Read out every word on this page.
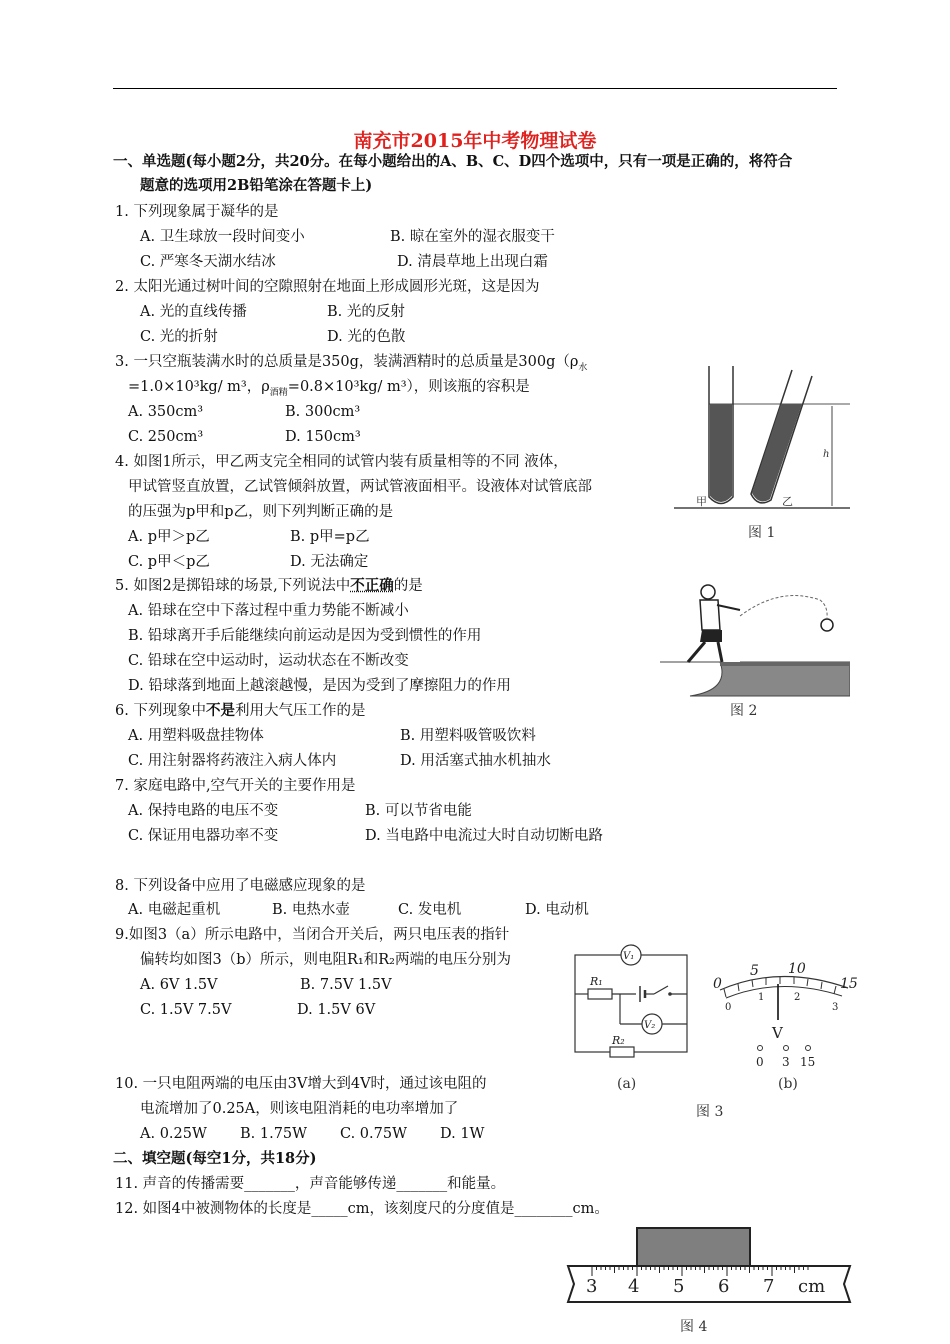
南充市2015年中考物理试卷
一、单选题(每小题2分，共20分。在每小题给出的A、B、C、D四个选项中，只有一项是正确的，将符合
题意的选项用2B铅笔涂在答题卡上)
1. 下列现象属于凝华的是
A. 卫生球放一段时间变小	B. 晾在室外的湿衣服变干
C. 严寒冬天湖水结冰	D. 清晨草地上出现白霜
2. 太阳光通过树叶间的空隙照射在地面上形成圆形光斑，这是因为
A. 光的直线传播	B. 光的反射
C. 光的折射	D. 光的色散
3. 一只空瓶装满水时的总质量是350g，装满酒精时的总质量是$300g(\rho_水$
=1.0×10³kg/ m³，$\rho_{酒精}=0.8\times 10^3kg/$ m³），则该瓶的容积是
A. 350cm³	B. 300cm³
C. 250cm³	D. 150cm³
4. 如图1所示，甲乙两支完全相同的试管内装有质量相等的不同 液体，
甲试管竖直放置，乙试管倾斜放置，两试管液面相平。设液体对试管底部
的压强为p甲和p乙，则下列判断正确的是
A. p甲＞p乙	B. p甲=p乙
C. p甲＜p乙	D. 无法确定
5. 如图2是掷铅球的场景,下列说法中不正确的是
A. 铅球在空中下落过程中重力势能不断减小
B. 铅球离开手后能继续向前运动是因为受到惯性的作用
C. 铅球在空中运动时，运动状态在不断改变
D. 铅球落到地面上越滚越慢，是因为受到了摩擦阻力的作用
6. 下列现象中不是利用大气压工作的是
A. 用塑料吸盘挂物体	B. 用塑料吸管吸饮料
C. 用注射器将药液注入病人体内	D. 用活塞式抽水机抽水
7. 家庭电路中,空气开关的主要作用是
A. 保持电路的电压不变	B. 可以节省电能
C. 保证用电器功率不变	D. 当电路中电流过大时自动切断电路
8. 下列设备中应用了电磁感应现象的是
A. 电磁起重机	B. 电热水壶	C. 发电机	D. 电动机
9.如图3（a）所示电路中，当闭合开关后，两只电压表的指针
偏转均如图3（b）所示，则电阻R₁和R₂两端的电压分别为
A. 6V 1.5V	B. 7.5V 1.5V
C. 1.5V 7.5V	D. 1.5V 6V
10. 一只电阻两端的电压由3V增大到4V时，通过该电阻的
电流增加了0.25A，则该电阻消耗的电功率增加了
A. 0.25W B. 1.75W C. 0.75W D. 1W
二、填空题(每空1分，共18分)
11. 声音的传播需要_______，声音能够传递_______和能量。
12. 如图4中被测物体的长度是_____cm，该刻度尺的分度值是________cm。
h
甲	乙
图 1
图 2
V₁
R₁
V₂
R₂
(a)
0
5 10
15
0
1	2
3
V
0 3 15
(b)
图 3
3 4 5 6 7 cm
图 4
